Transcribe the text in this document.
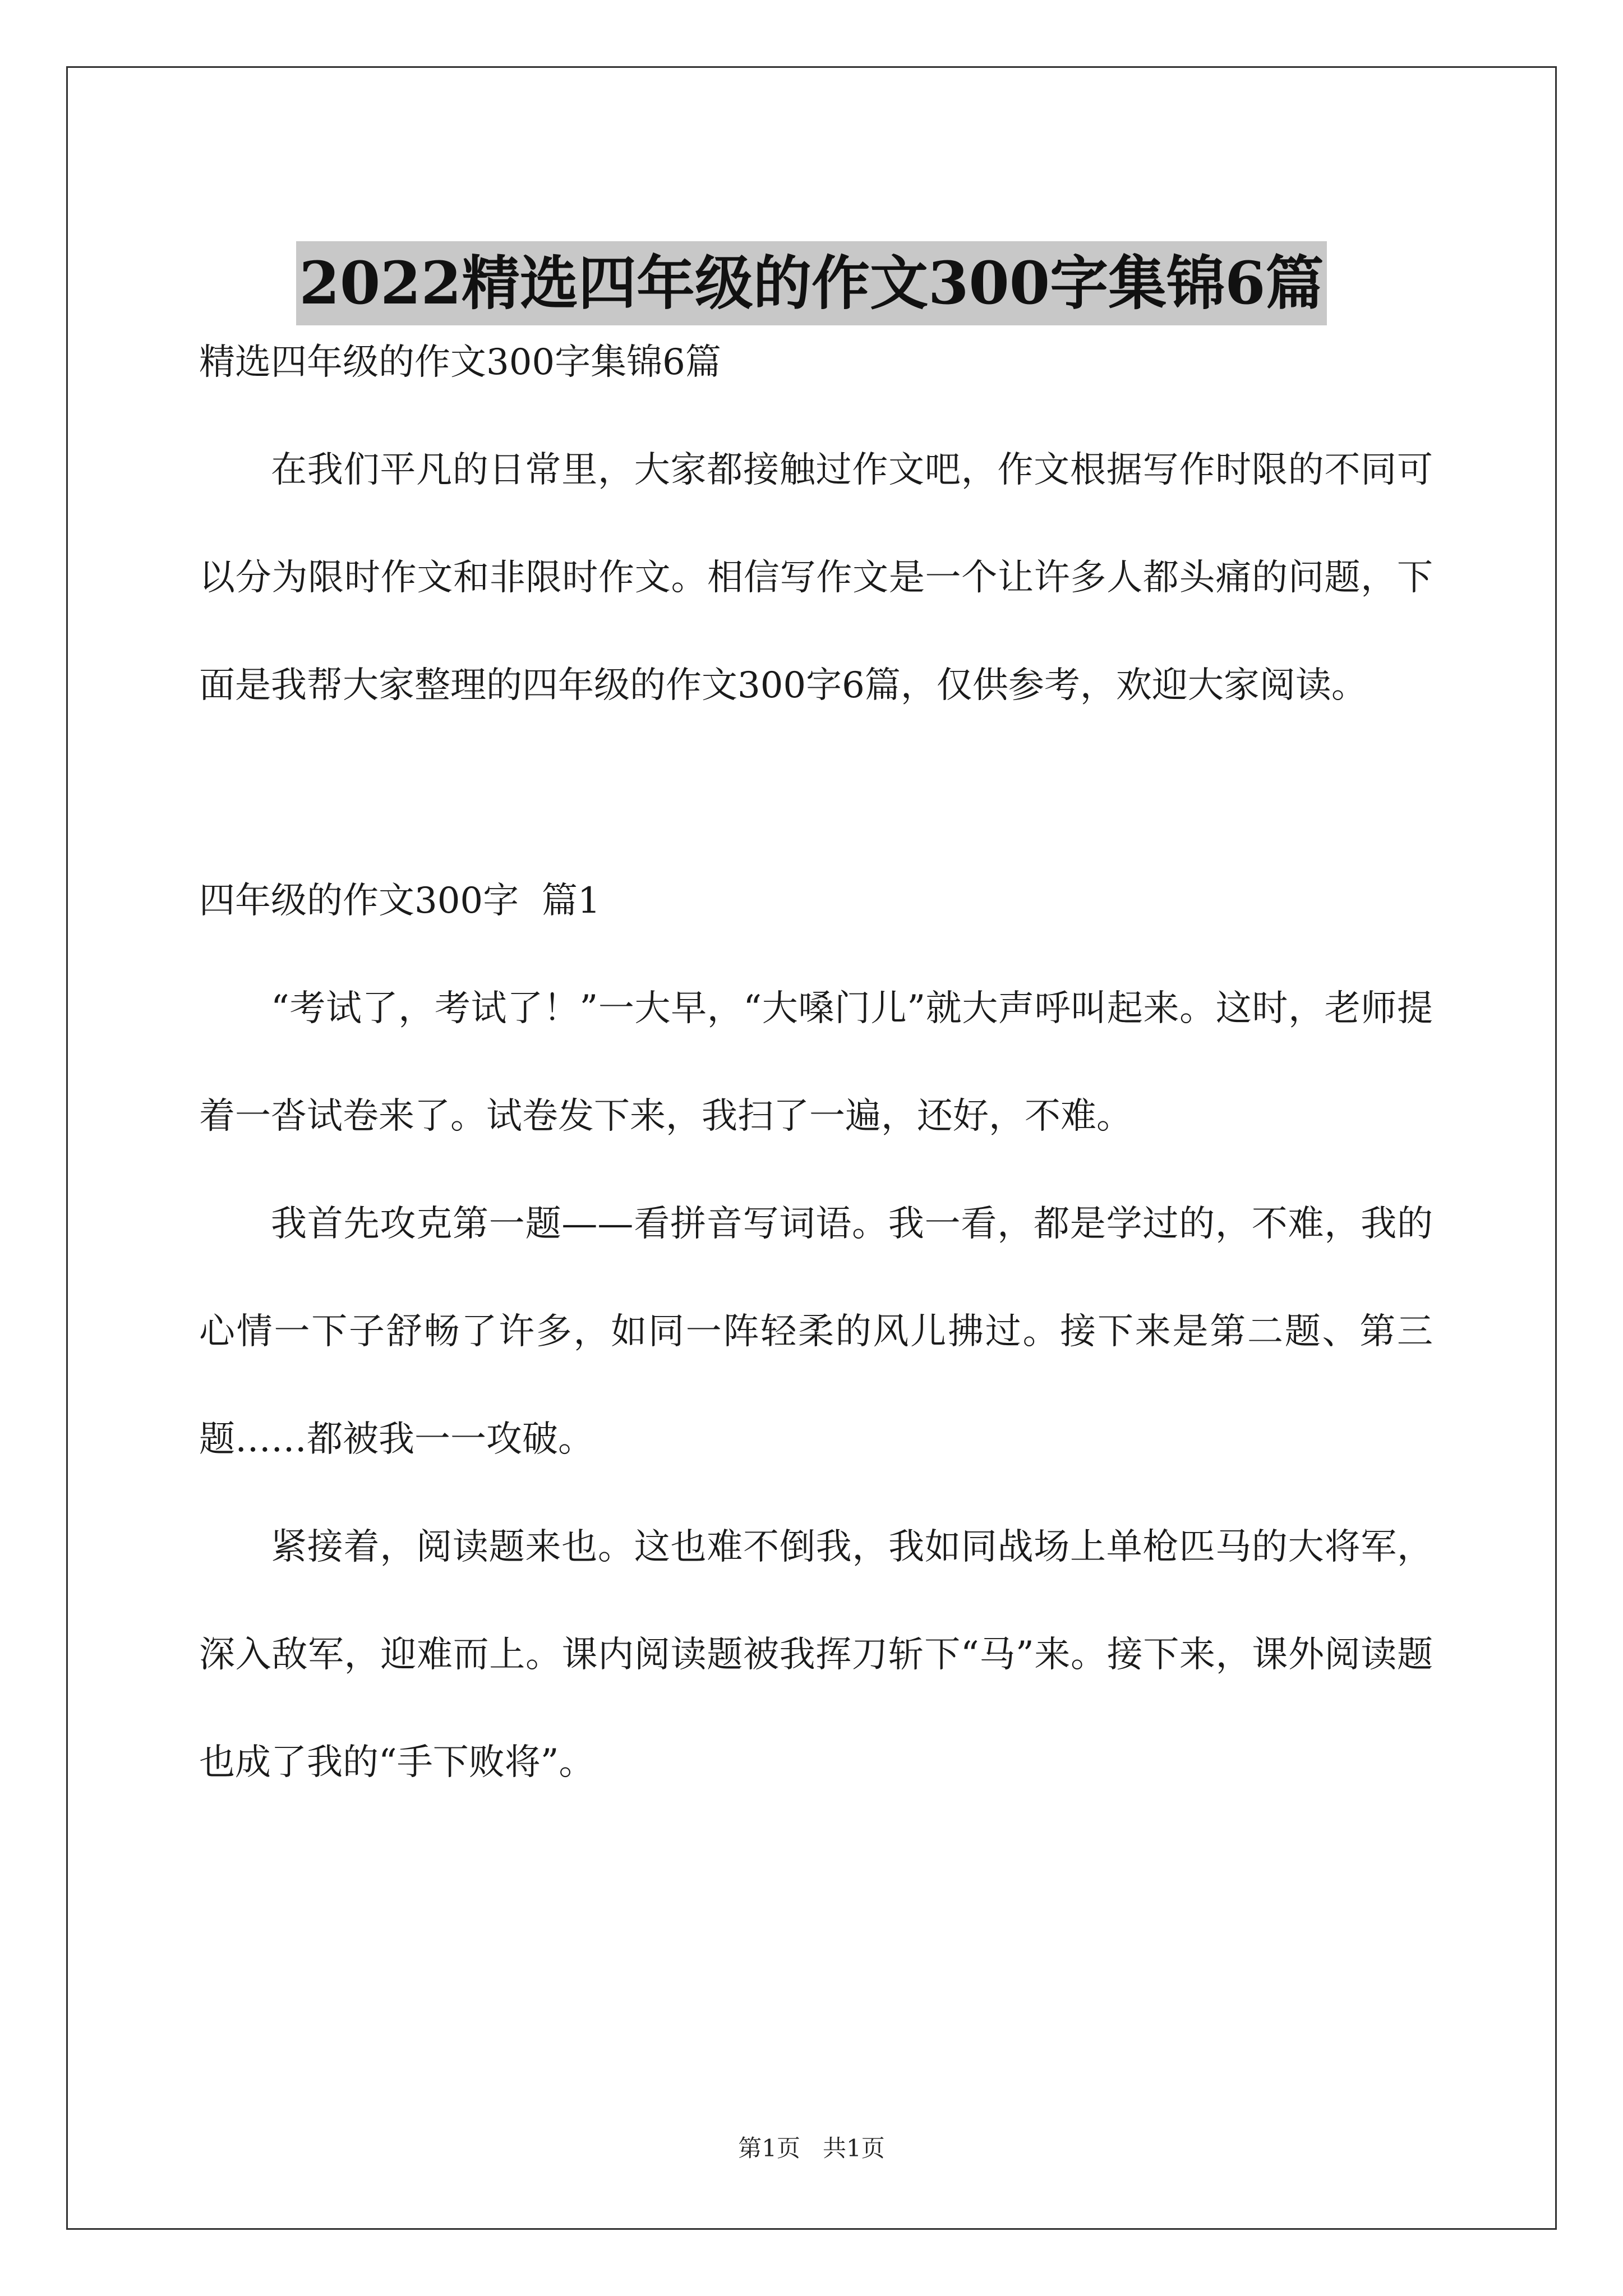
2022精选四年级的作文300字集锦6篇

精选四年级的作文300字集锦6篇

在我们平凡的日常里，大家都接触过作文吧，作文根据写作时限的不同可以分为限时作文和非限时作文。相信写作文是一个让许多人都头痛的问题，下面是我帮大家整理的四年级的作文300字6篇，仅供参考，欢迎大家阅读。

四年级的作文300字  篇1

“考试了，考试了！”一大早，“大嗓门儿”就大声呼叫起来。这时，老师提着一沓试卷来了。试卷发下来，我扫了一遍，还好，不难。

我首先攻克第一题——看拼音写词语。我一看，都是学过的，不难，我的心情一下子舒畅了许多，如同一阵轻柔的风儿拂过。接下来是第二题、第三题……都被我一一攻破。

紧接着，阅读题来也。这也难不倒我，我如同战场上单枪匹马的大将军，深入敌军，迎难而上。课内阅读题被我挥刀斩下“马”来。接下来，课外阅读题也成了我的“手下败将”。

第1页   共1页
